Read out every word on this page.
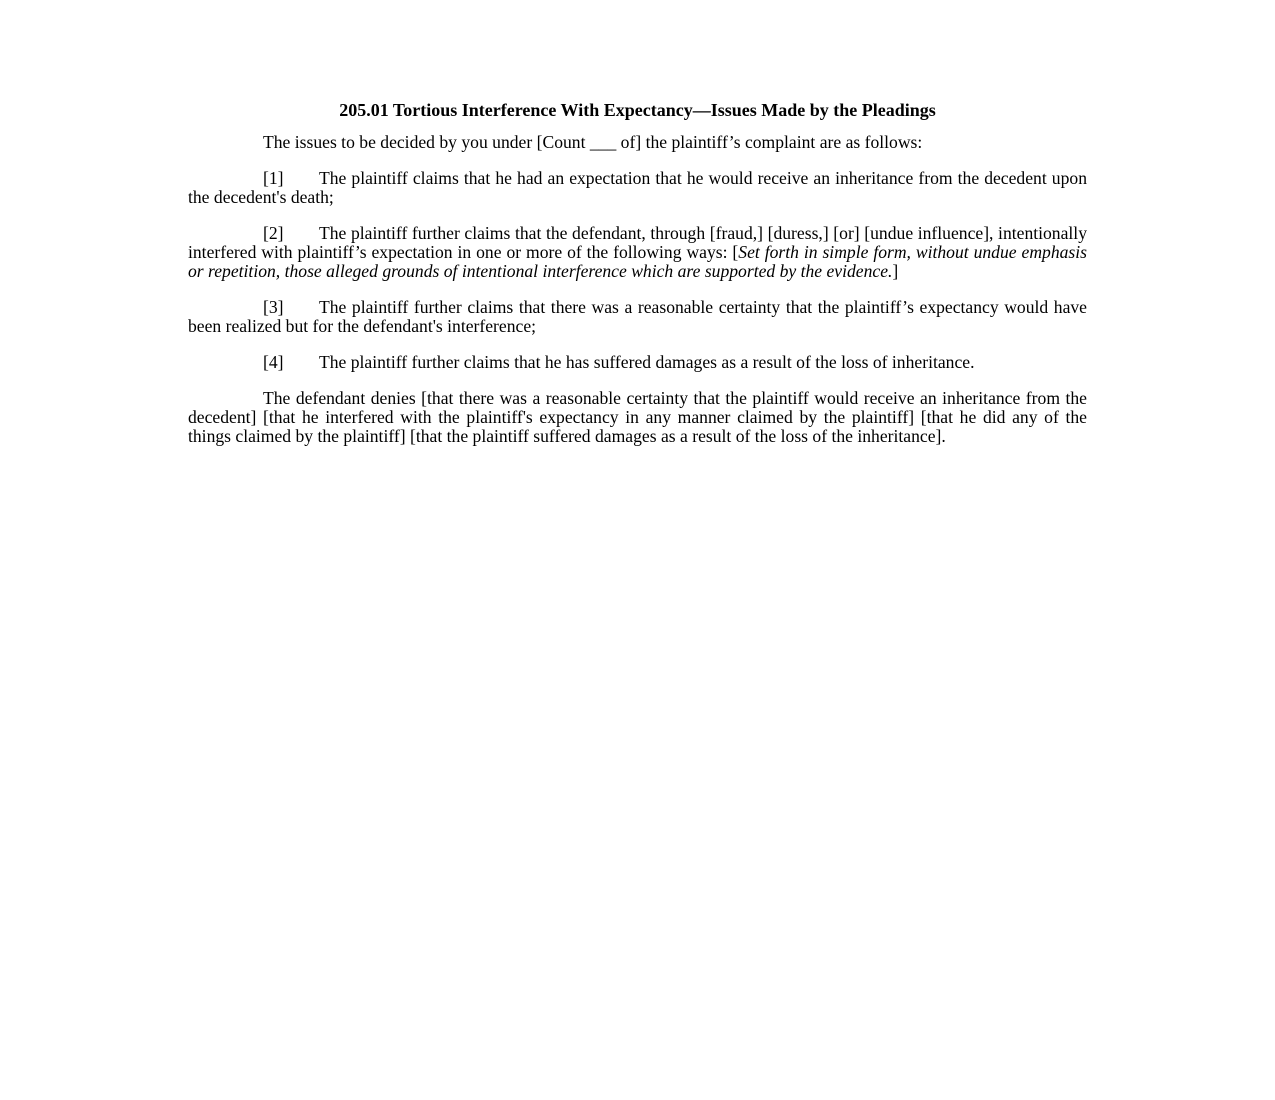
205.01 Tortious Interference With Expectancy—Issues Made by the Pleadings

The issues to be decided by you under [Count ___ of] the plaintiff’s complaint are as follows:

[1] The plaintiff claims that he had an expectation that he would receive an inheritance from the decedent upon the decedent's death;

[2] The plaintiff further claims that the defendant, through [fraud,] [duress,] [or] [undue influence], intentionally interfered with plaintiff’s expectation in one or more of the following ways: [Set forth in simple form, without undue emphasis or repetition, those alleged grounds of intentional interference which are supported by the evidence.]

[3] The plaintiff further claims that there was a reasonable certainty that the plaintiff’s expectancy would have been realized but for the defendant's interference;

[4] The plaintiff further claims that he has suffered damages as a result of the loss of inheritance.

The defendant denies [that there was a reasonable certainty that the plaintiff would receive an inheritance from the decedent] [that he interfered with the plaintiff's expectancy in any manner claimed by the plaintiff] [that he did any of the things claimed by the plaintiff] [that the plaintiff suffered damages as a result of the loss of the inheritance].
